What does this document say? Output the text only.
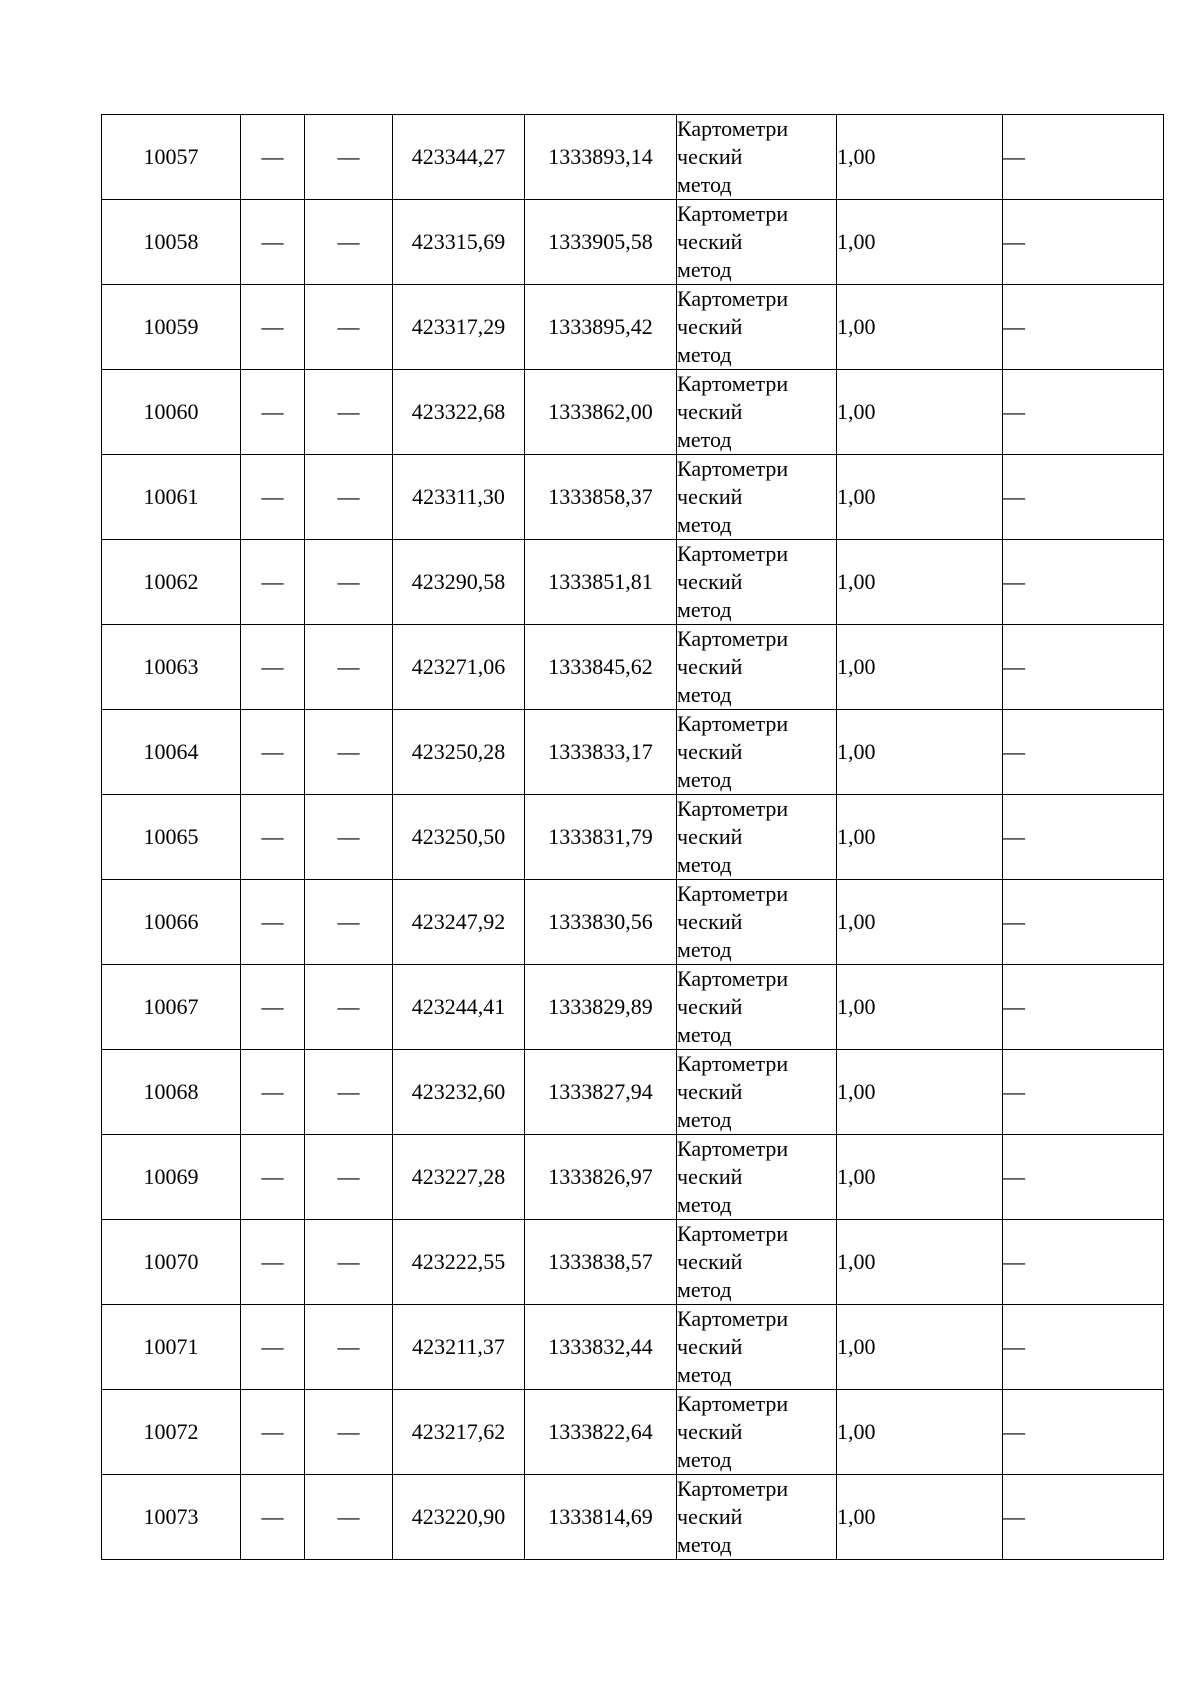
10057	—	—	423344,27	1333893,14	Картометри
ческий
метод	1,00	—
10058	—	—	423315,69	1333905,58	Картометри
ческий
метод	1,00	—
10059	—	—	423317,29	1333895,42	Картометри
ческий
метод	1,00	—
10060	—	—	423322,68	1333862,00	Картометри
ческий
метод	1,00	—
10061	—	—	423311,30	1333858,37	Картометри
ческий
метод	1,00	—
10062	—	—	423290,58	1333851,81	Картометри
ческий
метод	1,00	—
10063	—	—	423271,06	1333845,62	Картометри
ческий
метод	1,00	—
10064	—	—	423250,28	1333833,17	Картометри
ческий
метод	1,00	—
10065	—	—	423250,50	1333831,79	Картометри
ческий
метод	1,00	—
10066	—	—	423247,92	1333830,56	Картометри
ческий
метод	1,00	—
10067	—	—	423244,41	1333829,89	Картометри
ческий
метод	1,00	—
10068	—	—	423232,60	1333827,94	Картометри
ческий
метод	1,00	—
10069	—	—	423227,28	1333826,97	Картометри
ческий
метод	1,00	—
10070	—	—	423222,55	1333838,57	Картометри
ческий
метод	1,00	—
10071	—	—	423211,37	1333832,44	Картометри
ческий
метод	1,00	—
10072	—	—	423217,62	1333822,64	Картометри
ческий
метод	1,00	—
10073	—	—	423220,90	1333814,69	Картометри
ческий
метод	1,00	—
